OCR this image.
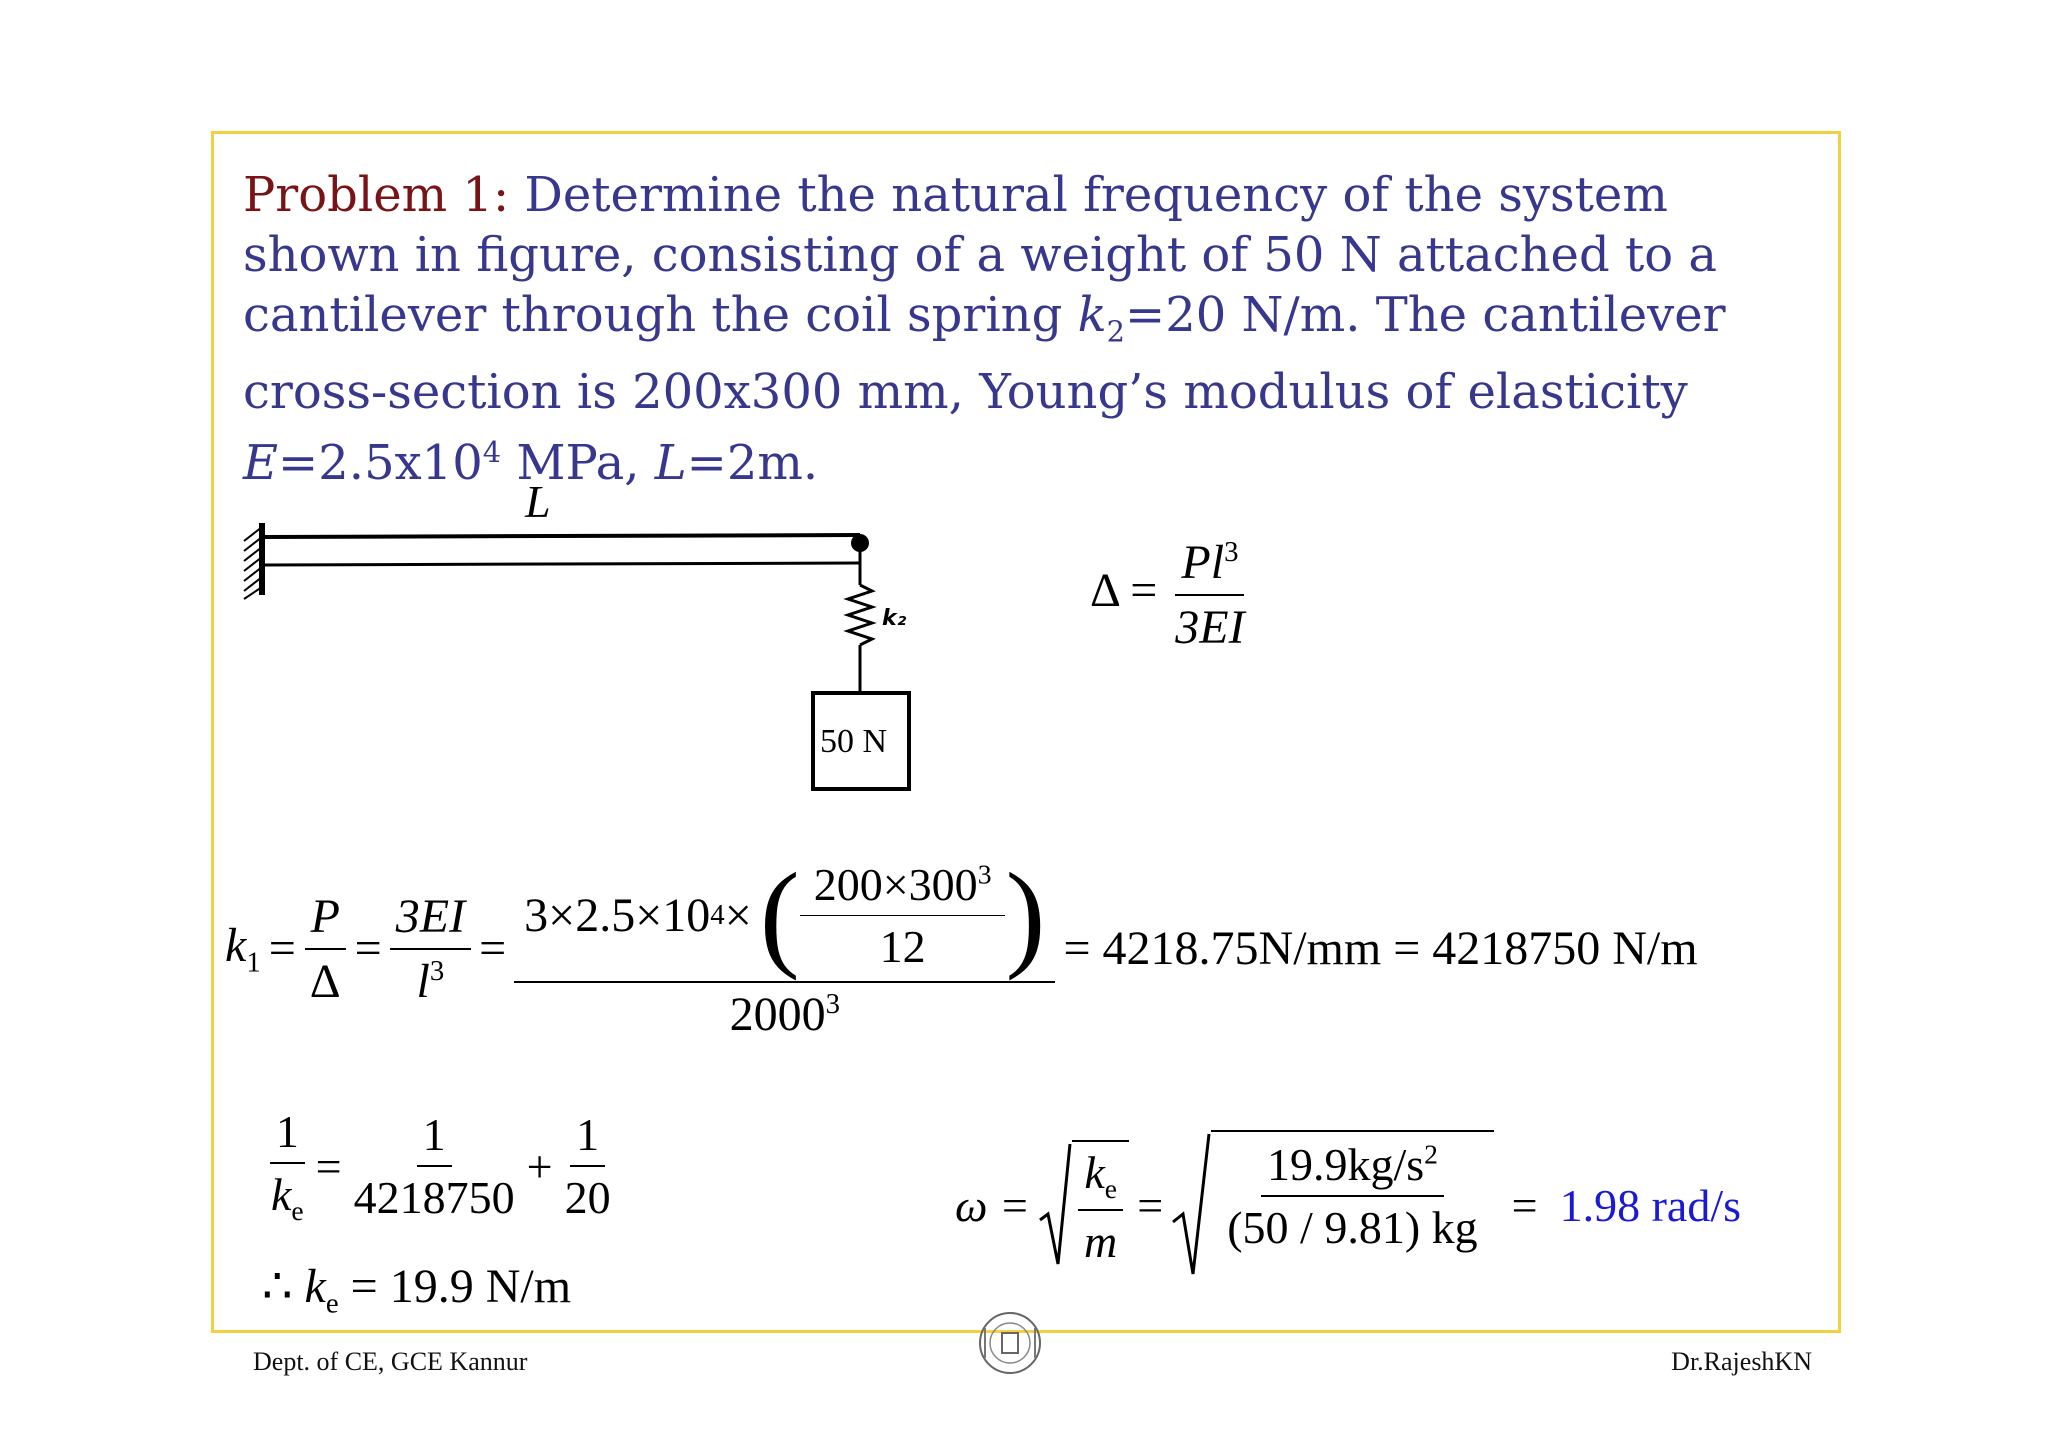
Problem 1: Determine the natural frequency of the system shown in figure, consisting of a weight of 50 N attached to a cantilever through the coil spring $k_2=20$ N/m. The cantilever cross-section is 200x300 mm, Young’s modulus of elasticity $E=2.5x10^4$ MPa, L=2m.
L
k₂
50 N
$\Delta = \frac{Pl^3}{3EI}$
$k_1 = \frac{P}{\Delta} = \frac{3EI}{l^3}$ =
3×2.5×10 4 × ( $\frac{200\times 300^3}{12}$ )
$2000^3$
= 4218.75N/mm = 4218750 N/m
$\frac{1}{k_e} = \frac{1}{4218750} + \frac{1}{20}$
∴ $k_e = 19.9$ N/m
$\omega = \frac{k_e}{m} = \frac{19.9kg/s^2}{(50 / 9.81) kg} = 1.98$ rad/s
Dept. of CE, GCE Kannur	Dr.RajeshKN
